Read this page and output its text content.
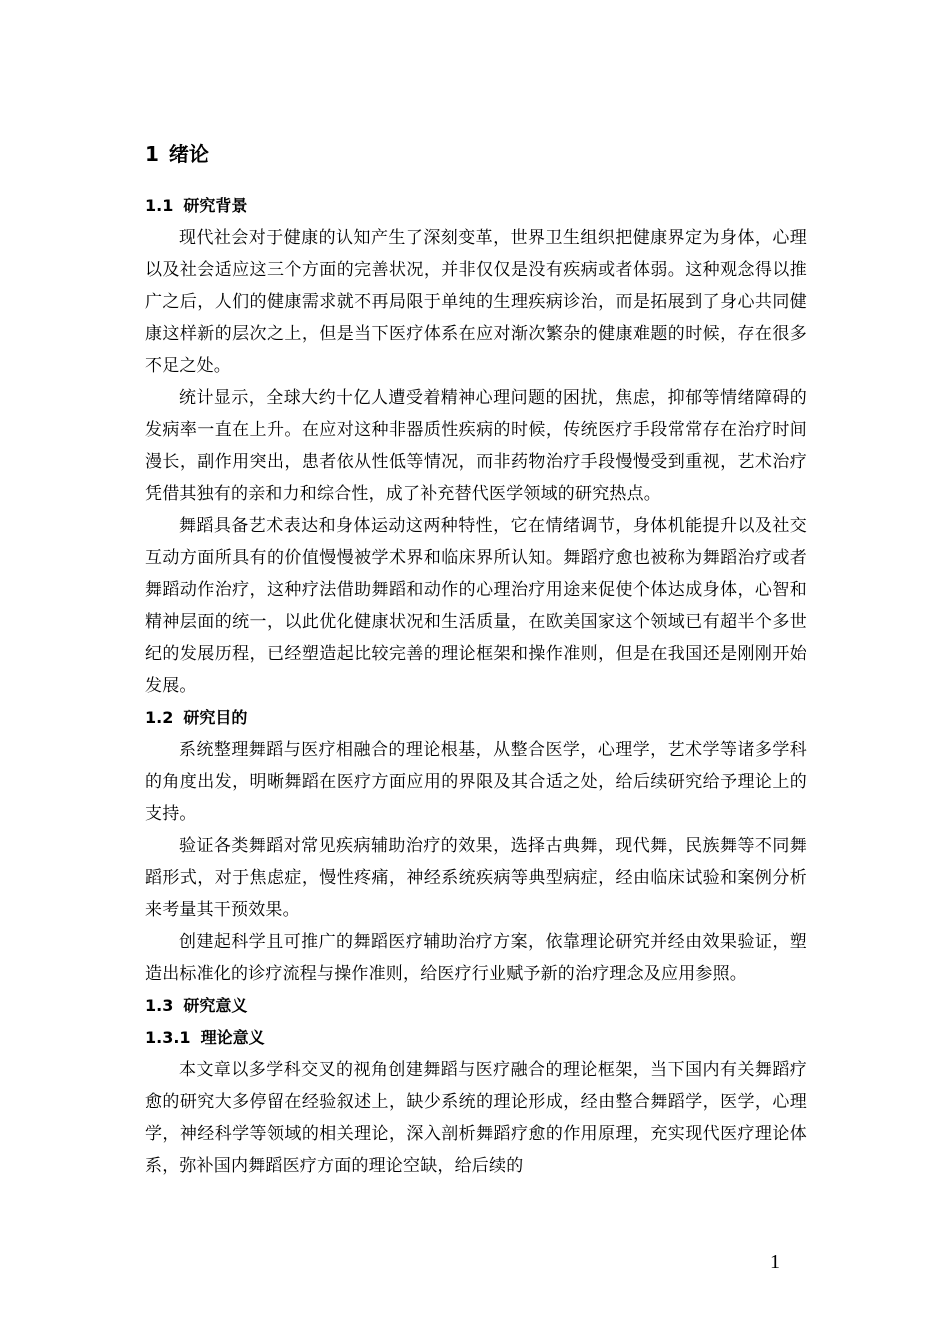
1 绪论
1.1 研究背景

现代社会对于健康的认知产生了深刻变革，世界卫生组织把健康界定为身体，心理以及社会适应这三个方面的完善状况，并非仅仅是没有疾病或者体弱。这种观念得以推广之后，人们的健康需求就不再局限于单纯的生理疾病诊治，而是拓展到了身心共同健康这样新的层次之上，但是当下医疗体系在应对渐次繁杂的健康难题的时候，存在很多不足之处。

统计显示，全球大约十亿人遭受着精神心理问题的困扰，焦虑，抑郁等情绪障碍的发病率一直在上升。在应对这种非器质性疾病的时候，传统医疗手段常常存在治疗时间漫长，副作用突出，患者依从性低等情况，而非药物治疗手段慢慢受到重视，艺术治疗凭借其独有的亲和力和综合性，成了补充替代医学领域的研究热点。

舞蹈具备艺术表达和身体运动这两种特性，它在情绪调节，身体机能提升以及社交互动方面所具有的价值慢慢被学术界和临床界所认知。舞蹈疗愈也被称为舞蹈治疗或者舞蹈动作治疗，这种疗法借助舞蹈和动作的心理治疗用途来促使个体达成身体，心智和精神层面的统一，以此优化健康状况和生活质量，在欧美国家这个领域已有超半个多世纪的发展历程，已经塑造起比较完善的理论框架和操作准则，但是在我国还是刚刚开始发展。

1.2 研究目的

系统整理舞蹈与医疗相融合的理论根基，从整合医学，心理学，艺术学等诸多学科的角度出发，明晰舞蹈在医疗方面应用的界限及其合适之处，给后续研究给予理论上的支持。

验证各类舞蹈对常见疾病辅助治疗的效果，选择古典舞，现代舞，民族舞等不同舞蹈形式，对于焦虑症，慢性疼痛，神经系统疾病等典型病症，经由临床试验和案例分析来考量其干预效果。

创建起科学且可推广的舞蹈医疗辅助治疗方案，依靠理论研究并经由效果验证，塑造出标准化的诊疗流程与操作准则，给医疗行业赋予新的治疗理念及应用参照。

1.3 研究意义
1.3.1 理论意义

本文章以多学科交叉的视角创建舞蹈与医疗融合的理论框架，当下国内有关舞蹈疗愈的研究大多停留在经验叙述上，缺少系统的理论形成，经由整合舞蹈学，医学，心理学，神经科学等领域的相关理论，深入剖析舞蹈疗愈的作用原理，充实现代医疗理论体系，弥补国内舞蹈医疗方面的理论空缺，给后续的

1
